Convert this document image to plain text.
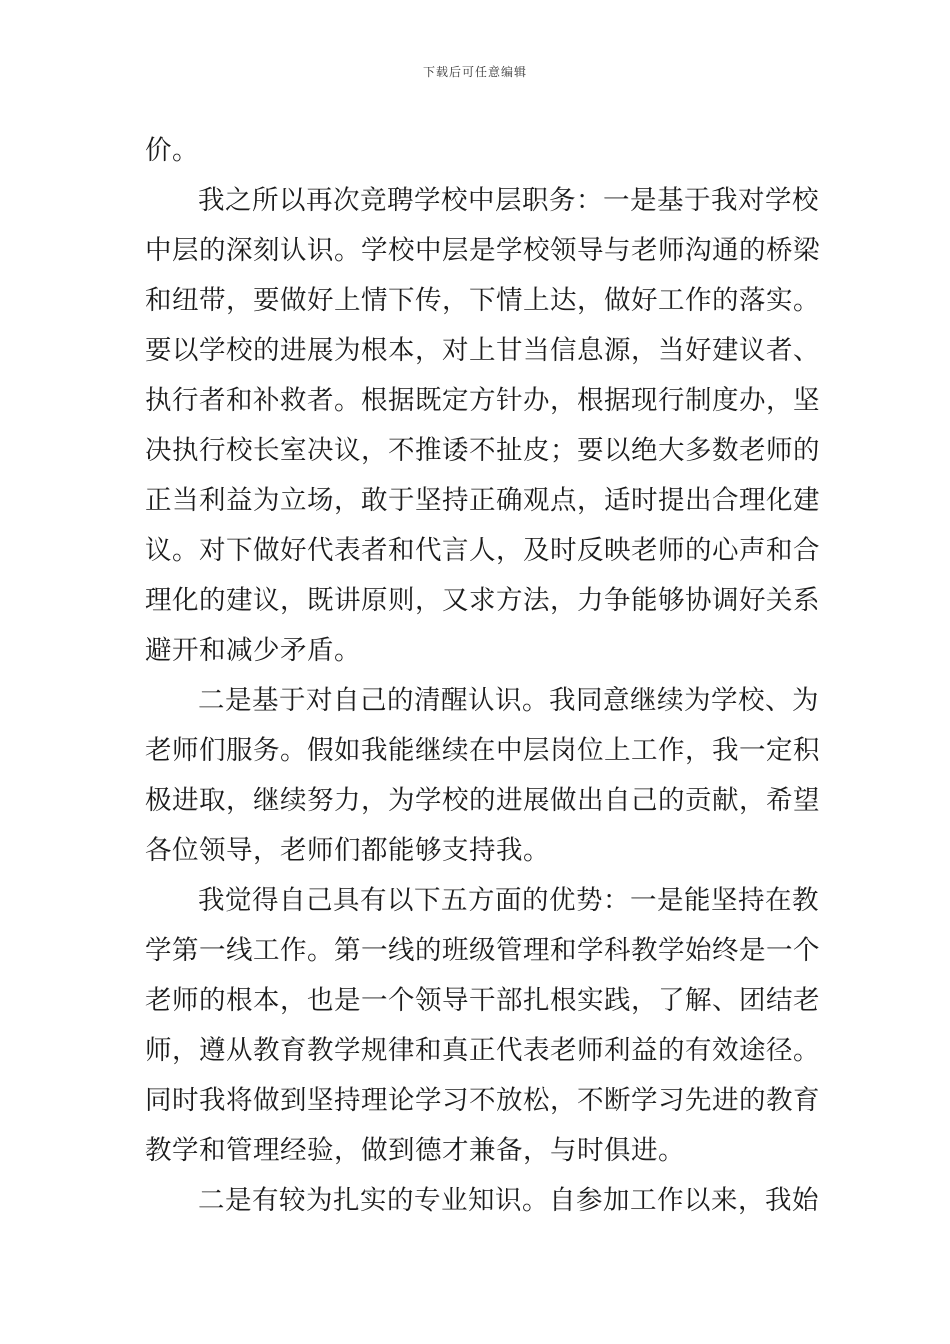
下载后可任意编辑
价。
我之所以再次竞聘学校中层职务：一是基于我对学校
中层的深刻认识。学校中层是学校领导与老师沟通的桥梁
和纽带，要做好上情下传，下情上达，做好工作的落实。
要以学校的进展为根本，对上甘当信息源，当好建议者、
执行者和补救者。根据既定方针办，根据现行制度办，坚
决执行校长室决议，不推诿不扯皮；要以绝大多数老师的
正当利益为立场，敢于坚持正确观点，适时提出合理化建
议。对下做好代表者和代言人，及时反映老师的心声和合
理化的建议，既讲原则，又求方法，力争能够协调好关系
避开和减少矛盾。
二是基于对自己的清醒认识。我同意继续为学校、为
老师们服务。假如我能继续在中层岗位上工作，我一定积
极进取，继续努力，为学校的进展做出自己的贡献，希望
各位领导，老师们都能够支持我。
我觉得自己具有以下五方面的优势：一是能坚持在教
学第一线工作。第一线的班级管理和学科教学始终是一个
老师的根本，也是一个领导干部扎根实践，了解、团结老
师，遵从教育教学规律和真正代表老师利益的有效途径。
同时我将做到坚持理论学习不放松，不断学习先进的教育
教学和管理经验，做到德才兼备，与时俱进。
二是有较为扎实的专业知识。自参加工作以来，我始
